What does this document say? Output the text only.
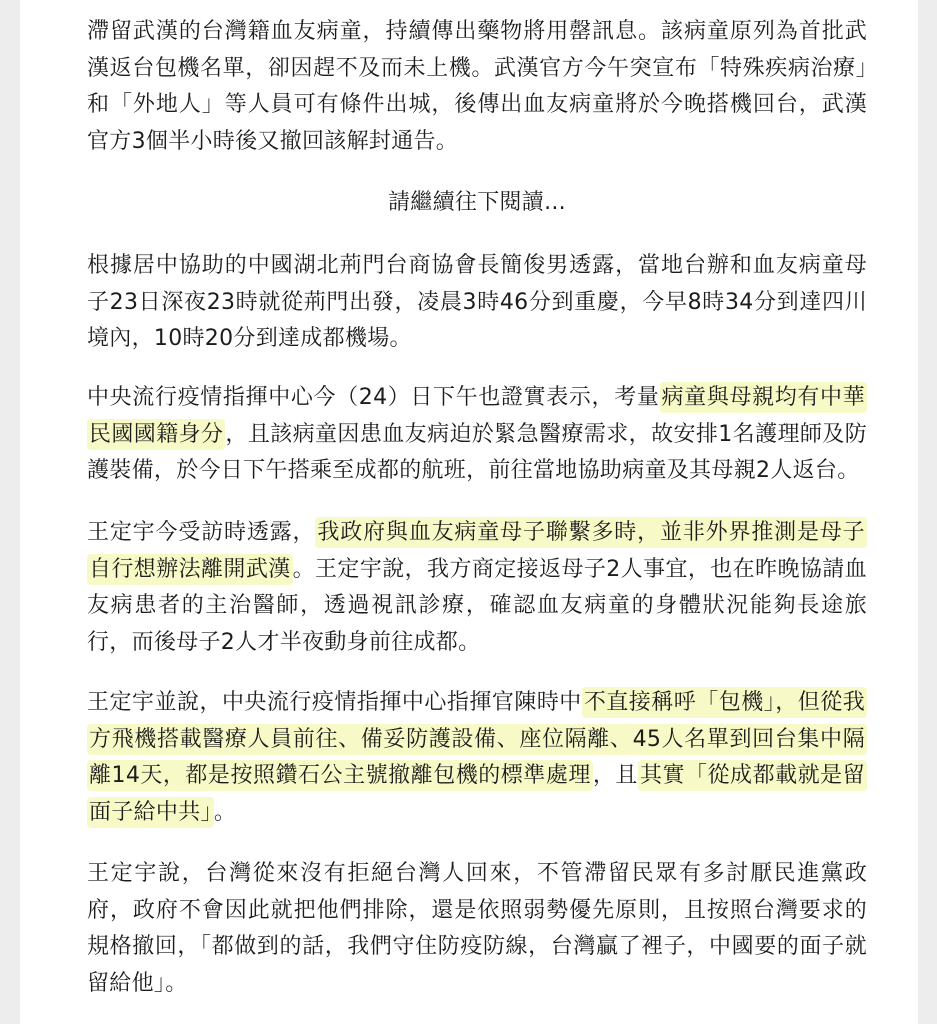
滯留武漢的台灣籍血友病童，持續傳出藥物將用罄訊息。該病童原列為首批武漢返台包機名單，卻因趕不及而未上機。武漢官方今午突宣布「特殊疾病治療」和「外地人」等人員可有條件出城，後傳出血友病童將於今晚搭機回台，武漢官方3個半小時後又撤回該解封通告。

請繼續往下閱讀...

根據居中協助的中國湖北荊門台商協會長簡俊男透露，當地台辦和血友病童母子23日深夜23時就從荊門出發，凌晨3時46分到重慶，今早8時34分到達四川境內，10時20分到達成都機場。

中央流行疫情指揮中心今（24）日下午也證實表示，考量病童與母親均有中華民國國籍身分，且該病童因患血友病迫於緊急醫療需求，故安排1名護理師及防護裝備，於今日下午搭乘至成都的航班，前往當地協助病童及其母親2人返台。

王定宇今受訪時透露，我政府與血友病童母子聯繫多時，並非外界推測是母子自行想辦法離開武漢。王定宇說，我方商定接返母子2人事宜，也在昨晚協請血友病患者的主治醫師，透過視訊診療，確認血友病童的身體狀況能夠長途旅行，而後母子2人才半夜動身前往成都。

王定宇並說，中央流行疫情指揮中心指揮官陳時中不直接稱呼「包機」，但從我方飛機搭載醫療人員前往、備妥防護設備、座位隔離、45人名單到回台集中隔離14天，都是按照鑽石公主號撤離包機的標準處理，且其實「從成都載就是留面子給中共」。

王定宇說，台灣從來沒有拒絕台灣人回來，不管滯留民眾有多討厭民進黨政府，政府不會因此就把他們排除，還是依照弱勢優先原則，且按照台灣要求的規格撤回，「都做到的話，我們守住防疫防線，台灣贏了裡子，中國要的面子就留給他」。
